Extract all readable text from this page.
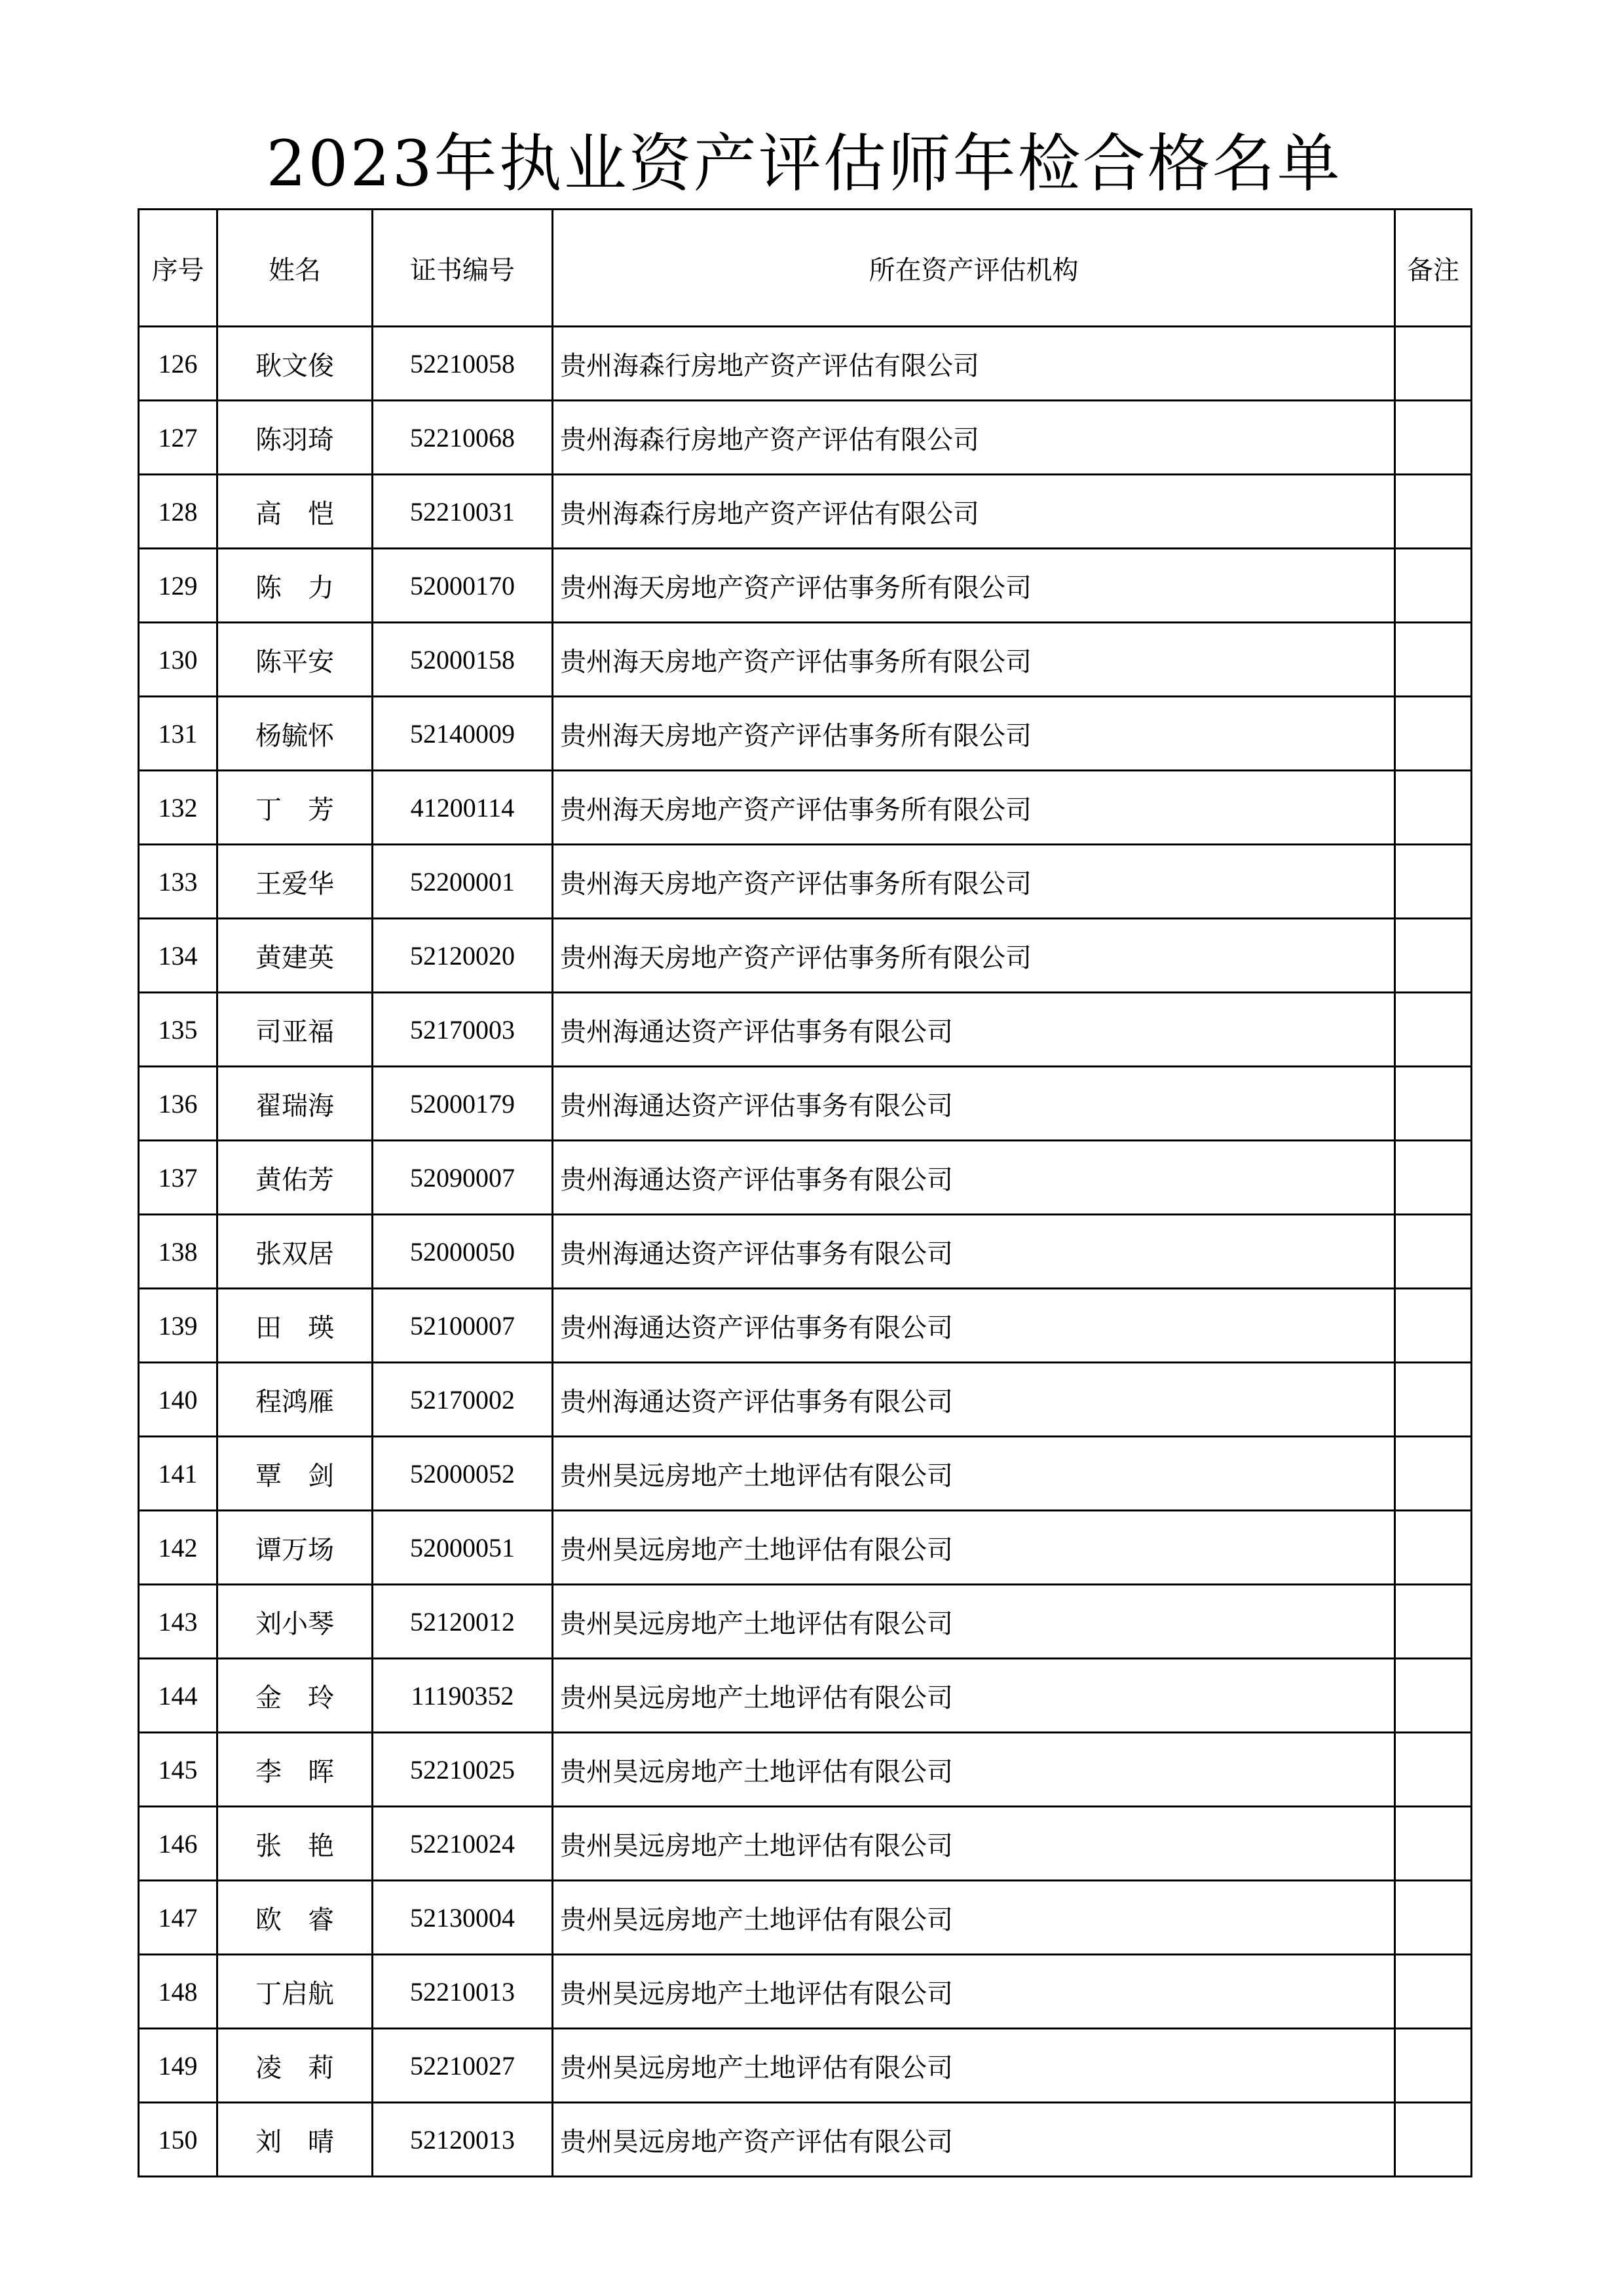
2023年执业资产评估师年检合格名单
序号	姓名	证书编号	所在资产评估机构	备注
126	耿文俊	52210058	贵州海森行房地产资产评估有限公司	
127	陈羽琦	52210068	贵州海森行房地产资产评估有限公司	
128	高　恺	52210031	贵州海森行房地产资产评估有限公司	
129	陈　力	52000170	贵州海天房地产资产评估事务所有限公司	
130	陈平安	52000158	贵州海天房地产资产评估事务所有限公司	
131	杨毓怀	52140009	贵州海天房地产资产评估事务所有限公司	
132	丁　芳	41200114	贵州海天房地产资产评估事务所有限公司	
133	王爱华	52200001	贵州海天房地产资产评估事务所有限公司	
134	黄建英	52120020	贵州海天房地产资产评估事务所有限公司	
135	司亚福	52170003	贵州海通达资产评估事务有限公司	
136	翟瑞海	52000179	贵州海通达资产评估事务有限公司	
137	黄佑芳	52090007	贵州海通达资产评估事务有限公司	
138	张双居	52000050	贵州海通达资产评估事务有限公司	
139	田　瑛	52100007	贵州海通达资产评估事务有限公司	
140	程鸿雁	52170002	贵州海通达资产评估事务有限公司	
141	覃　剑	52000052	贵州昊远房地产土地评估有限公司	
142	谭万场	52000051	贵州昊远房地产土地评估有限公司	
143	刘小琴	52120012	贵州昊远房地产土地评估有限公司	
144	金　玲	11190352	贵州昊远房地产土地评估有限公司	
145	李　晖	52210025	贵州昊远房地产土地评估有限公司	
146	张　艳	52210024	贵州昊远房地产土地评估有限公司	
147	欧　睿	52130004	贵州昊远房地产土地评估有限公司	
148	丁启航	52210013	贵州昊远房地产土地评估有限公司	
149	凌　莉	52210027	贵州昊远房地产土地评估有限公司	
150	刘　晴	52120013	贵州昊远房地产资产评估有限公司	
